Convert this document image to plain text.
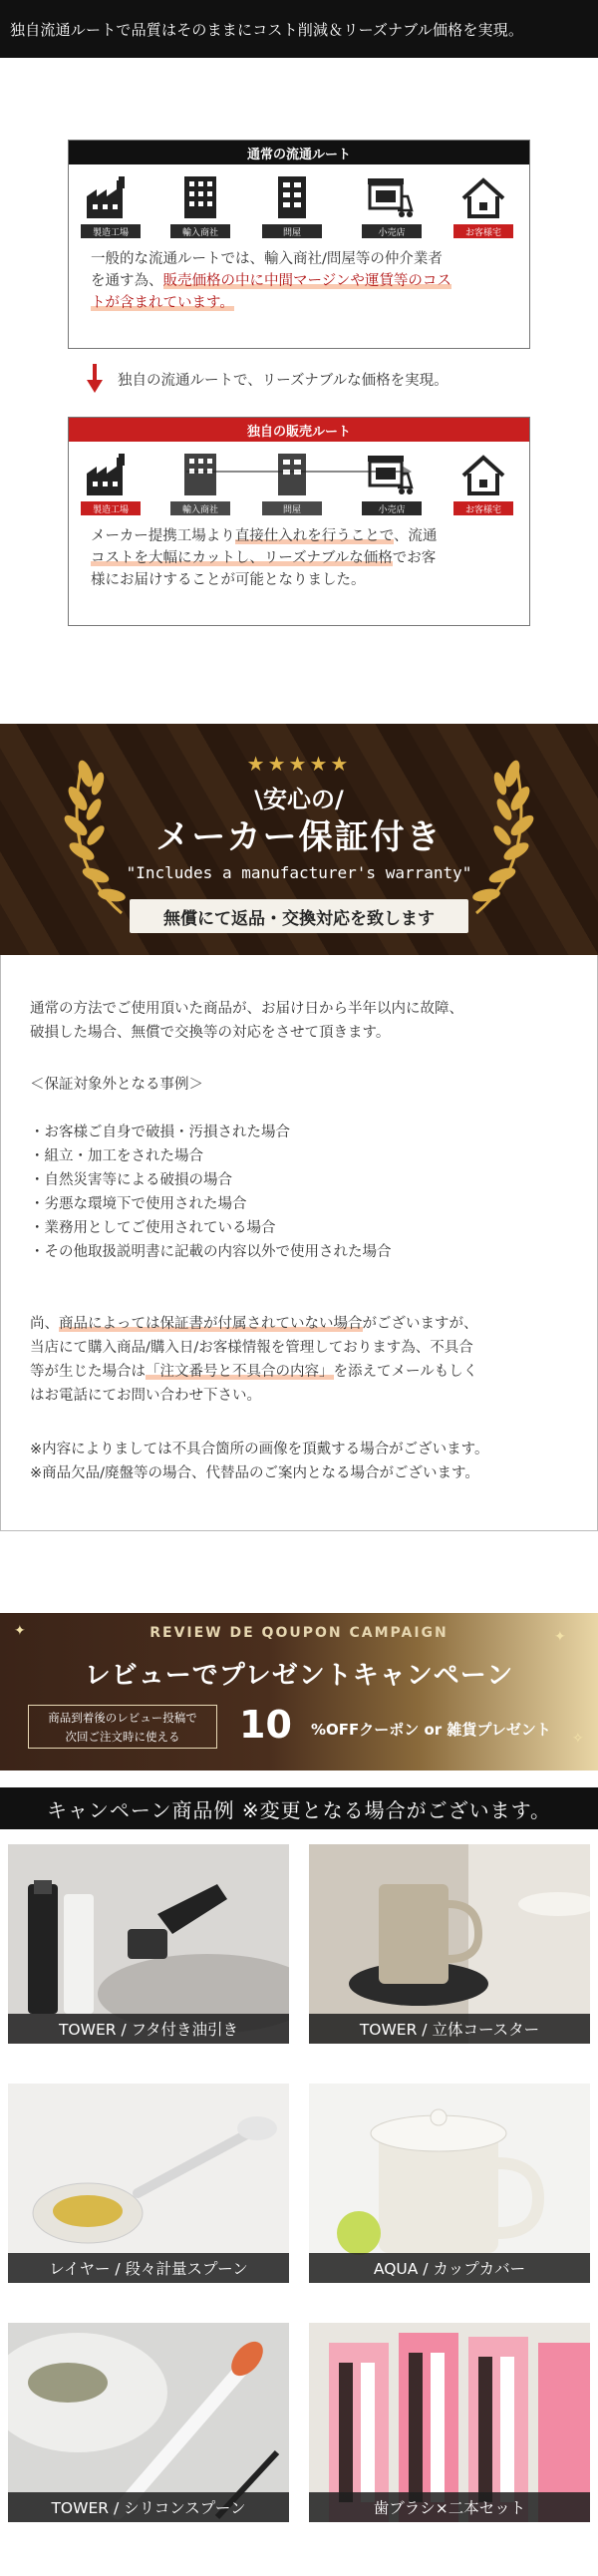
独自流通ルートで品質はそのままにコスト削減＆リーズナブル価格を実現。
通常の流通ルート
製造工場	輸入商社	問屋	小売店	お客様宅
一般的な流通ルートでは、輸入商社/問屋等の仲介業者
を通す為、販売価格の中に中間マージンや運賃等のコス
トが含まれています。
独自の流通ルートで、リーズナブルな価格を実現。
独自の販売ルート
製造工場	輸入商社	問屋	小売店	お客様宅
メーカー提携工場より直接仕入れを行うことで、流通
コストを大幅にカットし、リーズナブルな価格でお客
様にお届けすることが可能となりました。
★★★★★
\安心の/
メーカー保証付き
"Includes a manufacturer's warranty"
無償にて返品・交換対応を致します
通常の方法でご使用頂いた商品が、お届け日から半年以内に故障、
破損した場合、無償で交換等の対応をさせて頂きます。
＜保証対象外となる事例＞
・お客様ご自身で破損・汚損された場合
・組立・加工をされた場合
・自然災害等による破損の場合
・劣悪な環境下で使用された場合
・業務用としてご使用されている場合
・その他取扱説明書に記載の内容以外で使用された場合
尚、商品によっては保証書が付属されていない場合がございますが、
当店にて購入商品/購入日/お客様情報を管理しております為、不具合
等が生じた場合は「注文番号と不具合の内容」を添えてメールもしく
はお電話にてお問い合わせ下さい。
※内容によりましては不具合箇所の画像を頂戴する場合がございます。
※商品欠品/廃盤等の場合、代替品のご案内となる場合がございます。
✦	✦
✧
REVIEW DE QOUPON CAMPAIGN
レビューでプレゼントキャンペーン
商品到着後のレビュー投稿で
次回ご注文時に使える	10 %OFFクーポン or 雑貨プレゼント
キャンペーン商品例 ※変更となる場合がございます。
TOWER / フタ付き油引き	TOWER / 立体コースター
レイヤー / 段々計量スプーン	AQUA / カップカバー
TOWER / シリコンスプーン	歯ブラシ×二本セット
